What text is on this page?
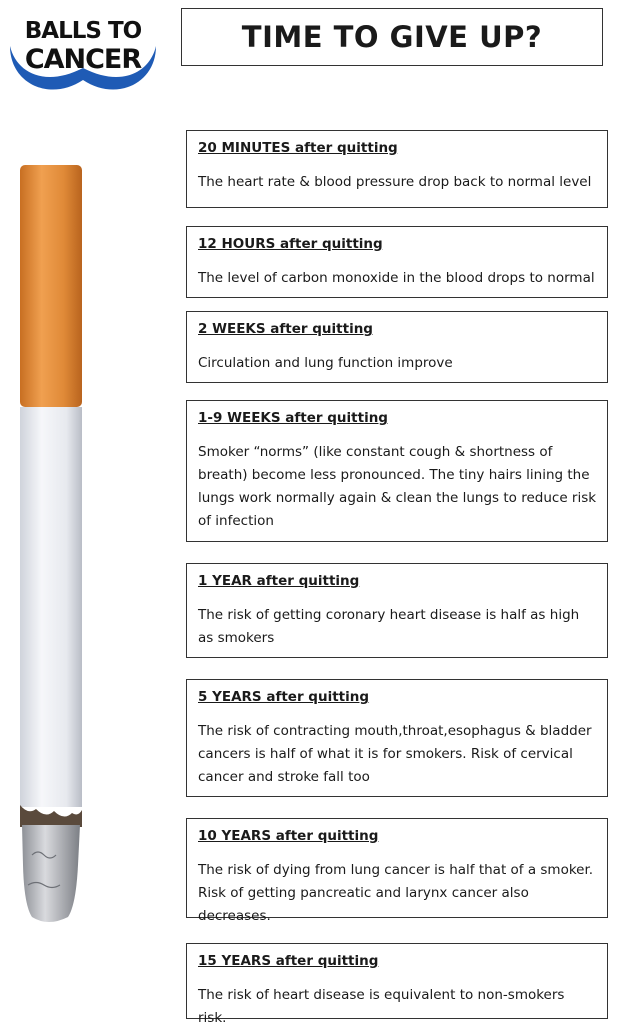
BALLS TO
CANCER
TIME TO GIVE UP?

20 MINUTES after quitting

The heart rate & blood pressure drop back to normal level

12 HOURS after quitting

The level of carbon monoxide in the blood drops to normal

2 WEEKS after quitting

Circulation and lung function improve

1-9 WEEKS after quitting

Smoker “norms” (like constant cough & shortness of breath) become less pronounced. The tiny hairs lining the lungs work normally again & clean the lungs to reduce risk of infection

1 YEAR after quitting

The risk of getting coronary heart disease is half as high as smokers

5 YEARS after quitting

The risk of contracting mouth,throat,esophagus & bladder cancers is half of what it is for smokers. Risk of cervical cancer and stroke fall too

10 YEARS after quitting

The risk of dying from lung cancer is half that of a smoker. Risk of getting pancreatic and larynx cancer also decreases.

15 YEARS after quitting

The risk of heart disease is equivalent to non-smokers risk.
